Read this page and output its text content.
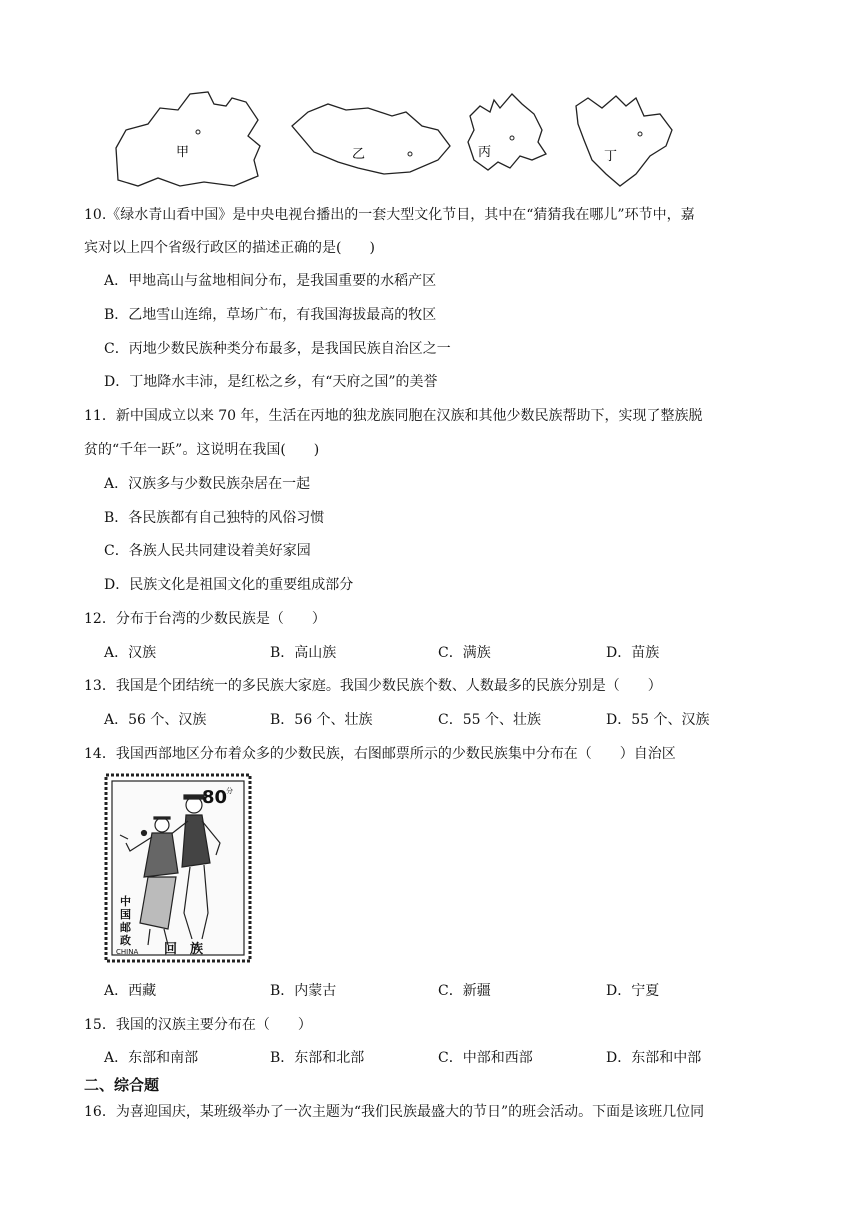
甲	乙	丙	丁
10.《绿水青山看中国》是中央电视台播出的一套大型文化节目，其中在“猜猜我在哪儿”环节中，嘉
宾对以上四个省级行政区的描述正确的是(　　)
A．甲地高山与盆地相间分布，是我国重要的水稻产区
B．乙地雪山连绵，草场广布，有我国海拔最高的牧区
C．丙地少数民族种类分布最多，是我国民族自治区之一
D．丁地降水丰沛，是红松之乡，有“天府之国”的美誉
11．新中国成立以来 70 年，生活在丙地的独龙族同胞在汉族和其他少数民族帮助下，实现了整族脱
贫的“千年一跃”。这说明在我国(　　)
A．汉族多与少数民族杂居在一起
B．各民族都有自己独特的风俗习惯
C．各族人民共同建设着美好家园
D．民族文化是祖国文化的重要组成部分
12．分布于台湾的少数民族是（　　）
A．汉族	B．高山族	C．满族	D．苗族
13．我国是个团结统一的多民族大家庭。我国少数民族个数、人数最多的民族分别是（　　）
A．56 个、汉族	B．56 个、壮族	C．55 个、壮族	D．55 个、汉族
14．我国西部地区分布着众多的少数民族，右图邮票所示的少数民族集中分布在（　　）自治区
80
分
中
国
邮
政
CHINA 回　族
A．西藏	B．内蒙古	C．新疆	D．宁夏
15．我国的汉族主要分布在（　　）
A．东部和南部	B．东部和北部	C．中部和西部	D．东部和中部
二、综合题
16．为喜迎国庆，某班级举办了一次主题为“我们民族最盛大的节日”的班会活动。下面是该班几位同
